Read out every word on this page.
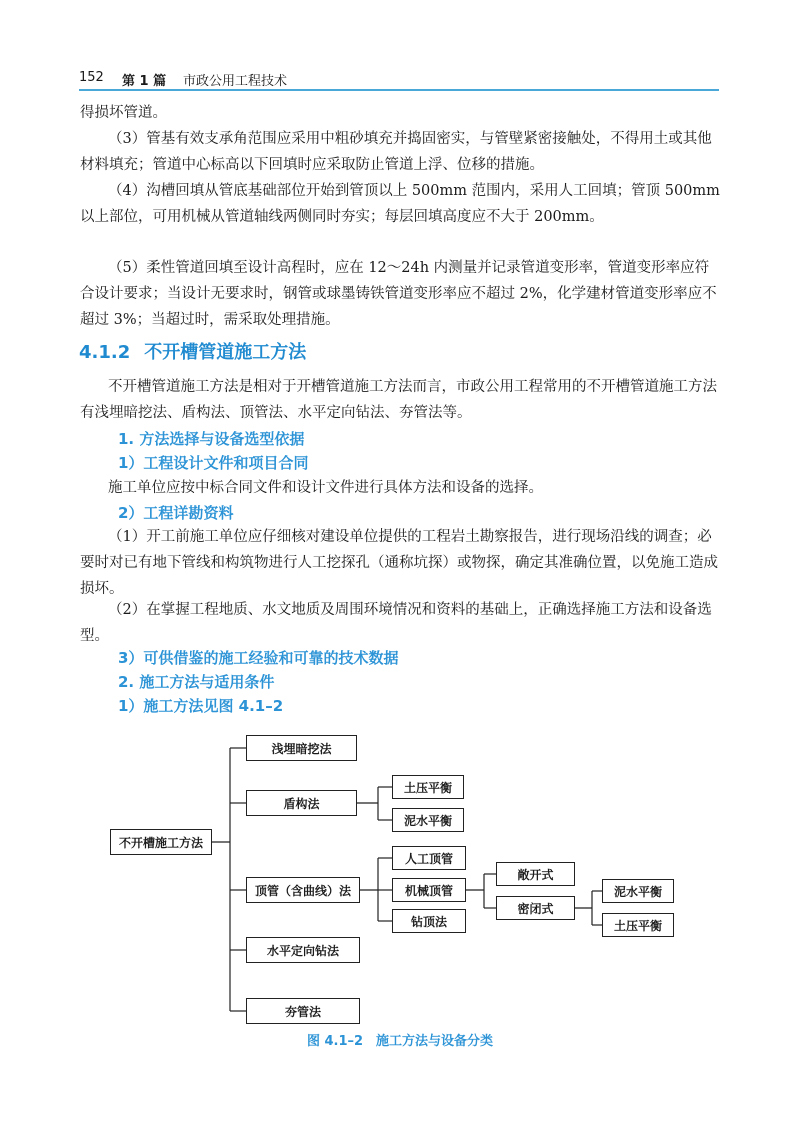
152 第 1 篇 市政公用工程技术

得损坏管道。

（3）管基有效支承角范围应采用中粗砂填充并捣固密实，与管壁紧密接触处，不得用土或其他材料填充；管道中心标高以下回填时应采取防止管道上浮、位移的措施。

（4）沟槽回填从管底基础部位开始到管顶以上 500mm 范围内，采用人工回填；管顶 500mm 以上部位，可用机械从管道轴线两侧同时夯实；每层回填高度应不大于 200mm。

（5）柔性管道回填至设计高程时，应在 12～24h 内测量并记录管道变形率，管道变形率应符合设计要求；当设计无要求时，钢管或球墨铸铁管道变形率应不超过 2%，化学建材管道变形率应不超过 3%；当超过时，需采取处理措施。

4.1.2 不开槽管道施工方法

不开槽管道施工方法是相对于开槽管道施工方法而言，市政公用工程常用的不开槽管道施工方法有浅埋暗挖法、盾构法、顶管法、水平定向钻法、夯管法等。

1. 方法选择与设备选型依据
1）工程设计文件和项目合同

施工单位应按中标合同文件和设计文件进行具体方法和设备的选择。

2）工程详勘资料

（1）开工前施工单位应仔细核对建设单位提供的工程岩土勘察报告，进行现场沿线的调查；必要时对已有地下管线和构筑物进行人工挖探孔（通称坑探）或物探，确定其准确位置，以免施工造成损坏。

（2）在掌握工程地质、水文地质及周围环境情况和资料的基础上，正确选择施工方法和设备选型。

3）可供借鉴的施工经验和可靠的技术数据
2. 施工方法与适用条件
1）施工方法见图 4.1–2
不开槽施工方法
浅埋暗挖法
盾构法
顶管（含曲线）法
水平定向钻法
夯管法
土压平衡
泥水平衡
人工顶管
机械顶管
钻顶法
敞开式
密闭式
泥水平衡
土压平衡
图 4.1–2　施工方法与设备分类
